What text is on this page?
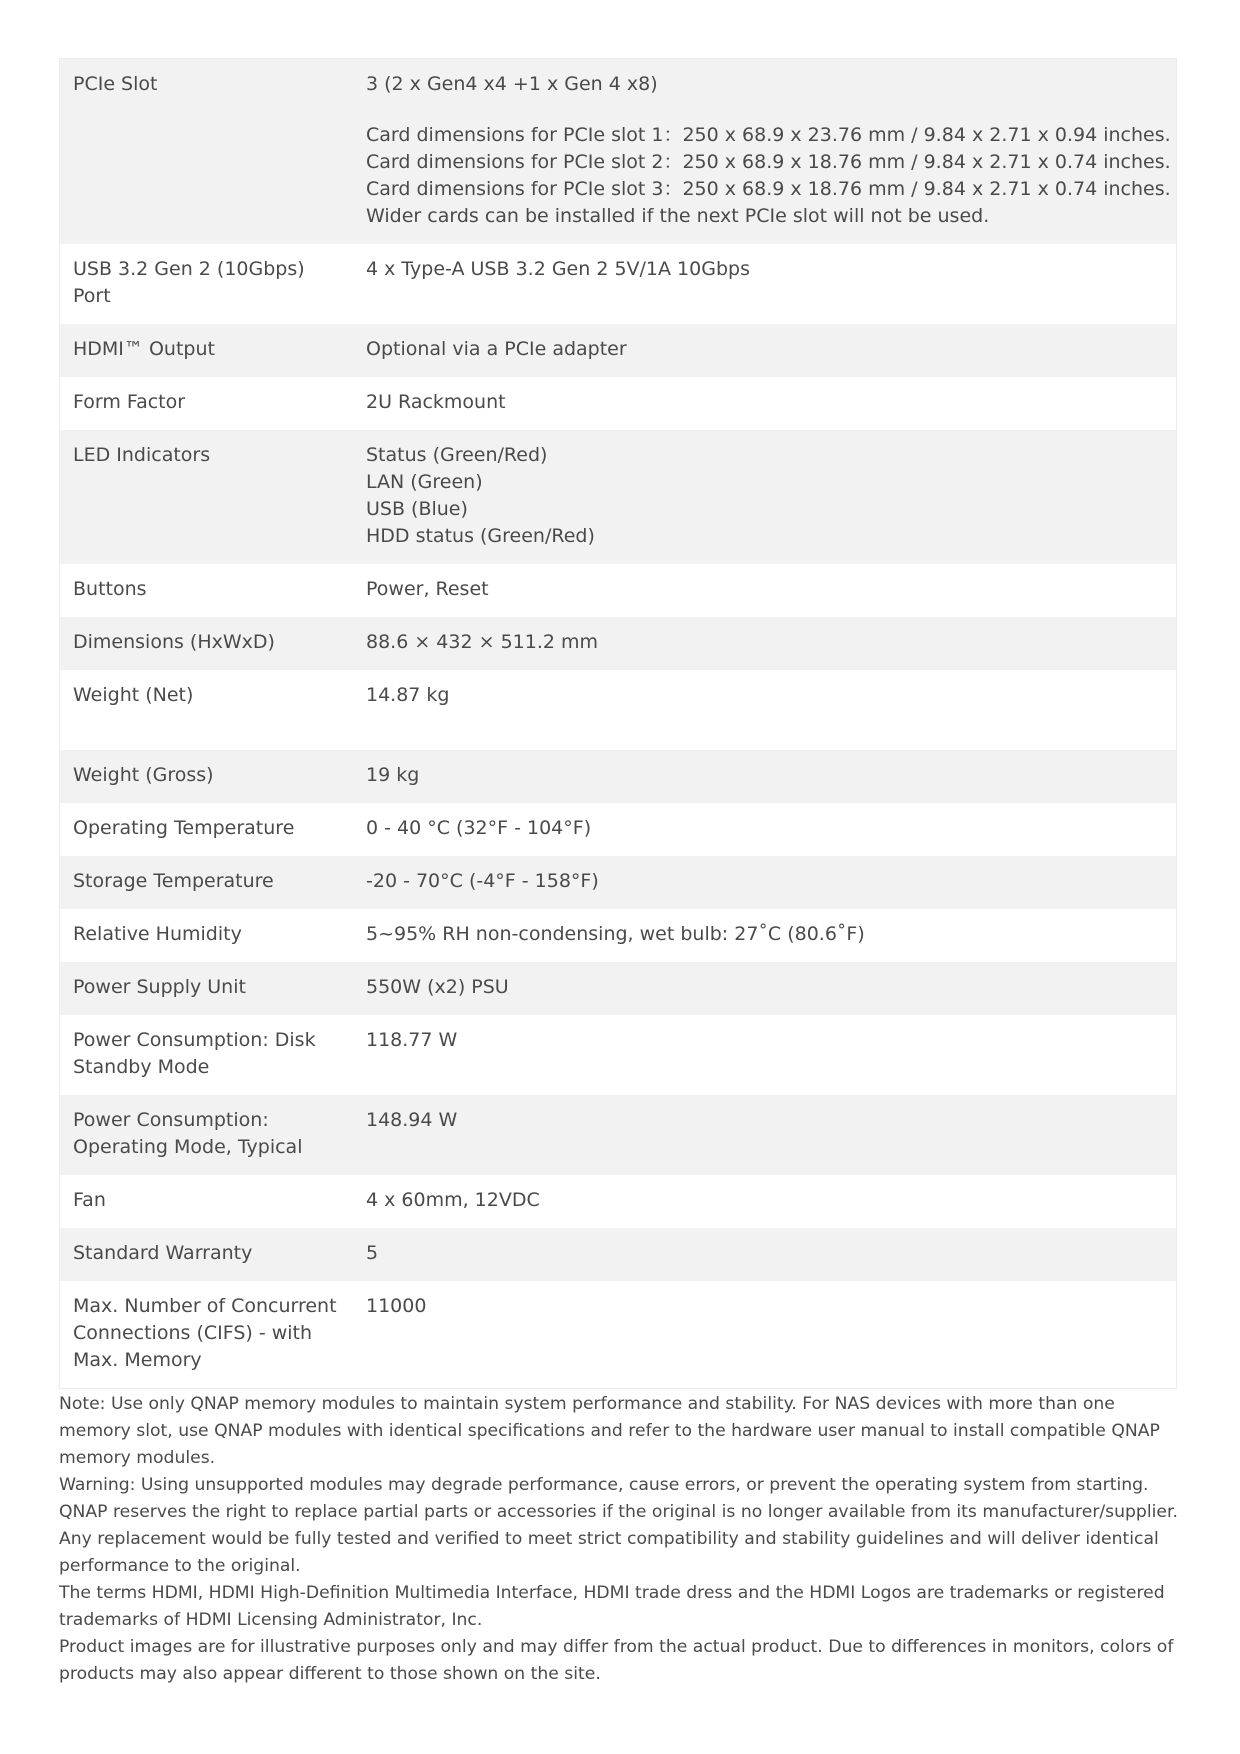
PCIe Slot	3 (2 x Gen4 x4 +1 x Gen 4 x8)
Card dimensions for PCIe slot 1：250 x 68.9 x 23.76 mm / 9.84 x 2.71 x 0.94 inches.
Card dimensions for PCIe slot 2：250 x 68.9 x 18.76 mm / 9.84 x 2.71 x 0.74 inches.
Card dimensions for PCIe slot 3：250 x 68.9 x 18.76 mm / 9.84 x 2.71 x 0.74 inches.
Wider cards can be installed if the next PCIe slot will not be used.

USB 3.2 Gen 2 (10Gbps) Port	4 x Type-A USB 3.2 Gen 2 5V/1A 10Gbps

HDMI™ Output	Optional via a PCIe adapter

Form Factor	2U Rackmount

LED Indicators	Status (Green/Red)
LAN (Green)
USB (Blue)
HDD status (Green/Red)

Buttons	Power, Reset

Dimensions (HxWxD)	88.6 × 432 × 511.2 mm

Weight (Net)	14.87 kg

Weight (Gross)	19 kg

Operating Temperature	0 - 40 °C (32°F - 104°F)

Storage Temperature	-20 - 70°C (-4°F - 158°F)

Relative Humidity	5~95% RH non-condensing, wet bulb: 27˚C (80.6˚F)

Power Supply Unit	550W (x2) PSU

Power Consumption: Disk Standby Mode	118.77 W

Power Consumption: Operating Mode, Typical	148.94 W

Fan	4 x 60mm, 12VDC

Standard Warranty	5

Max. Number of Concurrent Connections (CIFS) - with Max. Memory	11000

Note: Use only QNAP memory modules to maintain system performance and stability. For NAS devices with more than one memory slot, use QNAP modules with identical specifications and refer to the hardware user manual to install compatible QNAP memory modules.

Warning: Using unsupported modules may degrade performance, cause errors, or prevent the operating system from starting.

QNAP reserves the right to replace partial parts or accessories if the original is no longer available from its manufacturer/supplier. Any replacement would be fully tested and verified to meet strict compatibility and stability guidelines and will deliver identical performance to the original.

The terms HDMI, HDMI High-Definition Multimedia Interface, HDMI trade dress and the HDMI Logos are trademarks or registered trademarks of HDMI Licensing Administrator, Inc.

Product images are for illustrative purposes only and may differ from the actual product. Due to differences in monitors, colors of products may also appear different to those shown on the site.
